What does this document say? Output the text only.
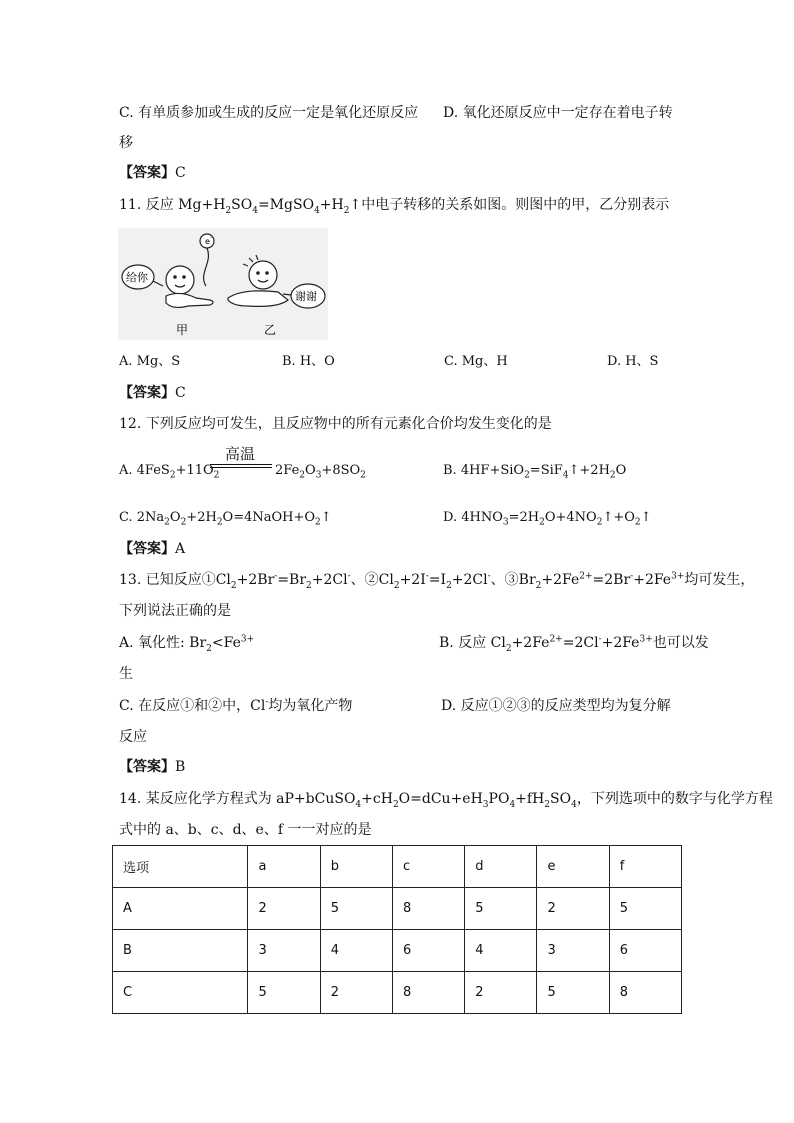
C. 有单质参加或生成的反应一定是氧化还原反应 D. 氧化还原反应中一定存在着电子转
移
【答案】C
11. 反应 $Mg+H_2SO_4=MgSO_4+H_2↑$中电子转移的关系如图。则图中的甲，乙分别表示
e -
给你
谢谢
甲	乙
A. Mg、S	B. H、O	C. Mg、H	D. H、S
【答案】C
12. 下列反应均可发生，且反应物中的所有元素化合价均发生变化的是
高温
A. $4FeS_2+11O_2$	$2Fe_2O_3+8SO_2$	B. $4HF+SiO_2=SiF_4↑+2H_2O$
C. $2Na_2O_2+2H_2O=4NaOH+O_2↑$	D. $4HNO_3=2H_2O+4NO_2↑+O_2↑$
【答案】A
13. 已知反应$①Cl_2+2Br^-=Br_2+2Cl^-$、$②Cl_2+2I^-=I_2+2Cl^-$、$③Br_2+2Fe^{2+}=2Br^-+2Fe^{3+}$均可发生，
下列说法正确的是
A. 氧化性: $Br_2<Fe^{3+}$	B. 反应 $Cl_2+2Fe^{2+}=2Cl^-+2Fe^{3+}$也可以发
生
C. 在反应①和②中，Cl-均为氧化产物	D. 反应①②③的反应类型均为复分解
反应
【答案】B
14. 某反应化学方程式为 $aP+bCuSO_4+cH_2O=dCu+eH_3PO_4+fH_2SO_4$，下列选项中的数字与化学方程
式中的 a、b、c、d、e、f 一一对应的是
选项	a	b	c	d	e	f
A	2	5	8	5	2	5
B	3	4	6	4	3	6
C	5	2	8	2	5	8
